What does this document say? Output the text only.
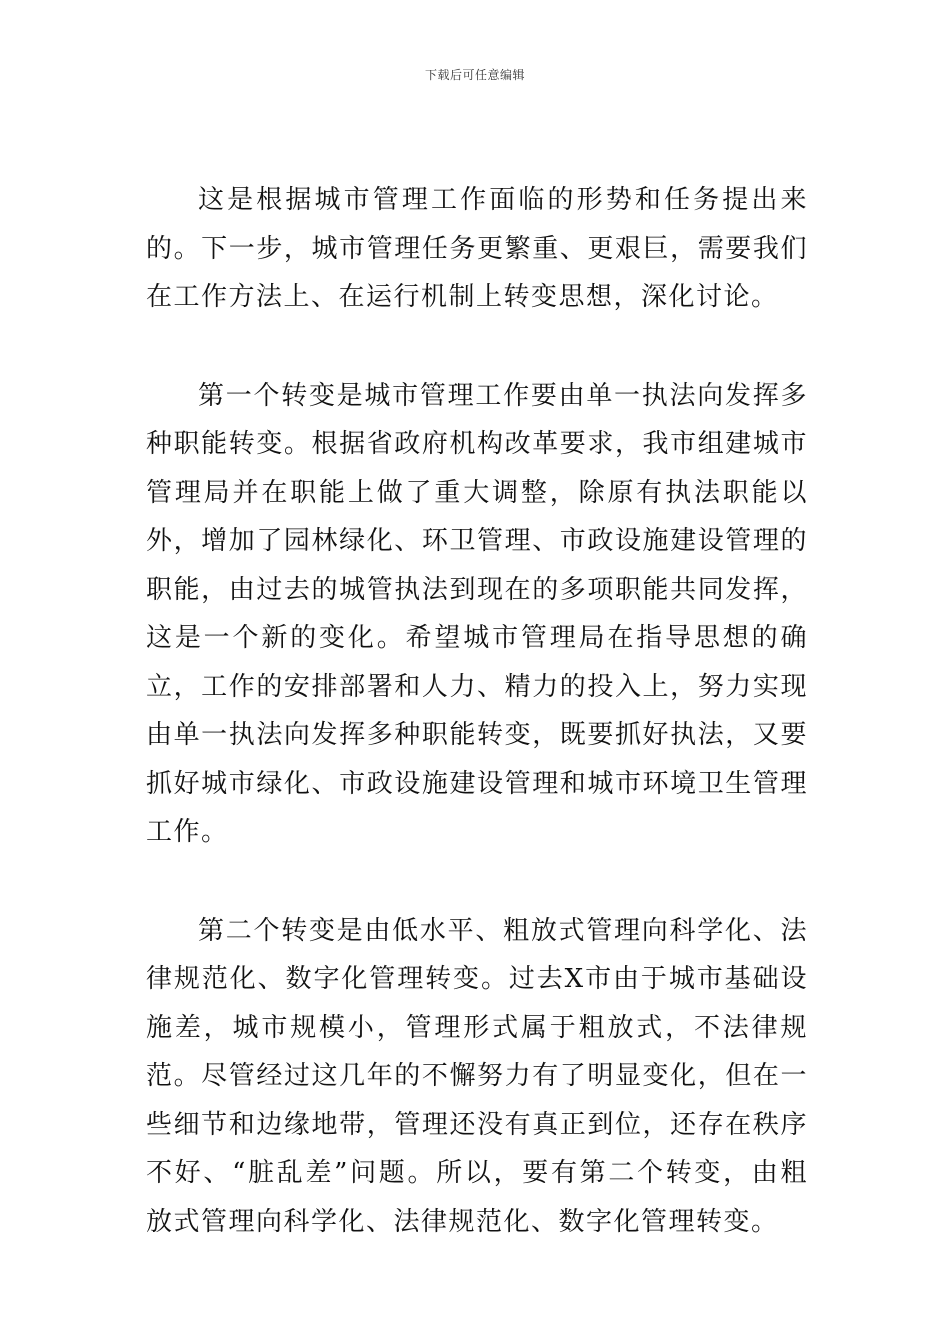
下载后可任意编辑

这是根据城市管理工作面临的形势和任务提出来的。下一步，城市管理任务更繁重、更艰巨，需要我们在工作方法上、在运行机制上转变思想，深化讨论。

第一个转变是城市管理工作要由单一执法向发挥多种职能转变。根据省政府机构改革要求，我市组建城市管理局并在职能上做了重大调整，除原有执法职能以外，增加了园林绿化、环卫管理、市政设施建设管理的职能，由过去的城管执法到现在的多项职能共同发挥，这是一个新的变化。希望城市管理局在指导思想的确立，工作的安排部署和人力、精力的投入上，努力实现由单一执法向发挥多种职能转变，既要抓好执法，又要抓好城市绿化、市政设施建设管理和城市环境卫生管理工作。

第二个转变是由低水平、粗放式管理向科学化、法律规范化、数字化管理转变。过去X市由于城市基础设施差，城市规模小，管理形式属于粗放式，不法律规范。尽管经过这几年的不懈努力有了明显变化，但在一些细节和边缘地带，管理还没有真正到位，还存在秩序不好、“脏乱差”问题。所以，要有第二个转变，由粗放式管理向科学化、法律规范化、数字化管理转变。
